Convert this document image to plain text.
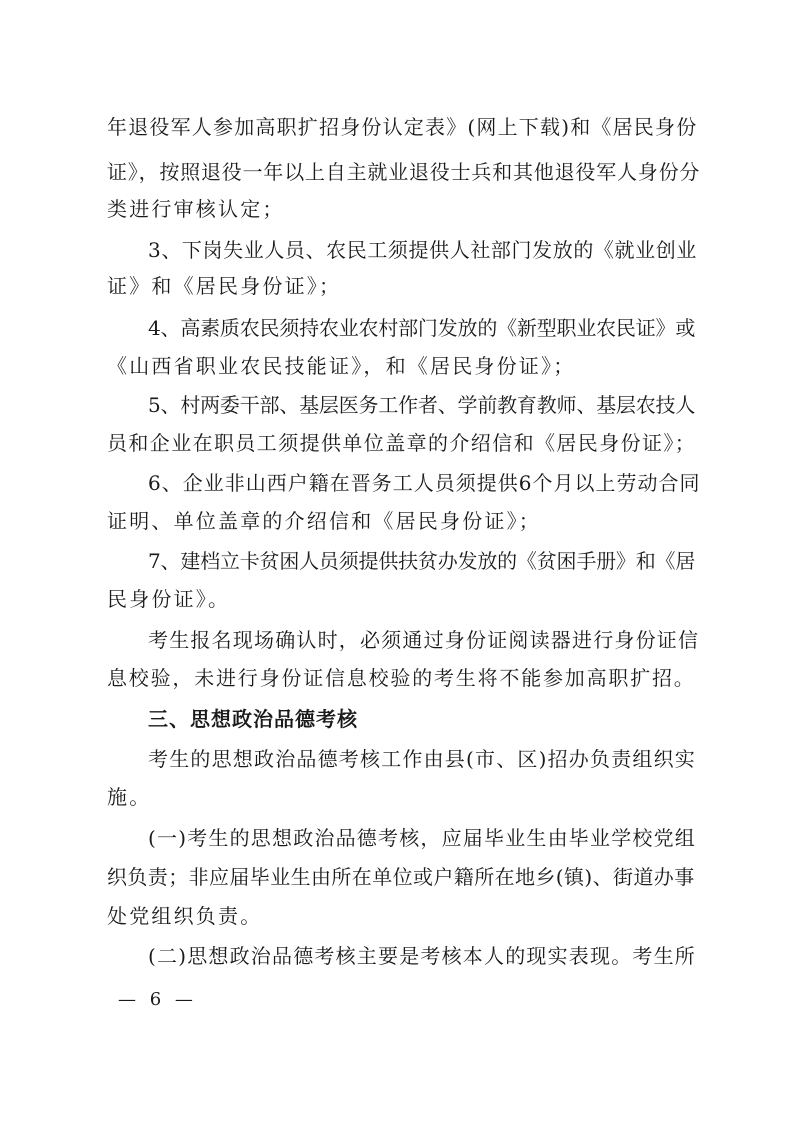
年退役军人参加高职扩招身份认定表》(网上下载)和《居民身份
证》，按照退役一年以上自主就业退役士兵和其他退役军人身份分
类进行审核认定；
3、下岗失业人员、农民工须提供人社部门发放的《就业创业
证》和《居民身份证》；
4、高素质农民须持农业农村部门发放的《新型职业农民证》或
《山西省职业农民技能证》，和《居民身份证》；
5、村两委干部、基层医务工作者、学前教育教师、基层农技人
员和企业在职员工须提供单位盖章的介绍信和《居民身份证》；
6、企业非山西户籍在晋务工人员须提供6个月以上劳动合同
证明、单位盖章的介绍信和《居民身份证》；
7、建档立卡贫困人员须提供扶贫办发放的《贫困手册》和《居
民身份证》。
考生报名现场确认时，必须通过身份证阅读器进行身份证信
息校验，未进行身份证信息校验的考生将不能参加高职扩招。
三、思想政治品德考核
考生的思想政治品德考核工作由县(市、区)招办负责组织实
施。
(一)考生的思想政治品德考核，应届毕业生由毕业学校党组
织负责；非应届毕业生由所在单位或户籍所在地乡(镇)、街道办事
处党组织负责。
(二)思想政治品德考核主要是考核本人的现实表现。考生所
— 6 —
